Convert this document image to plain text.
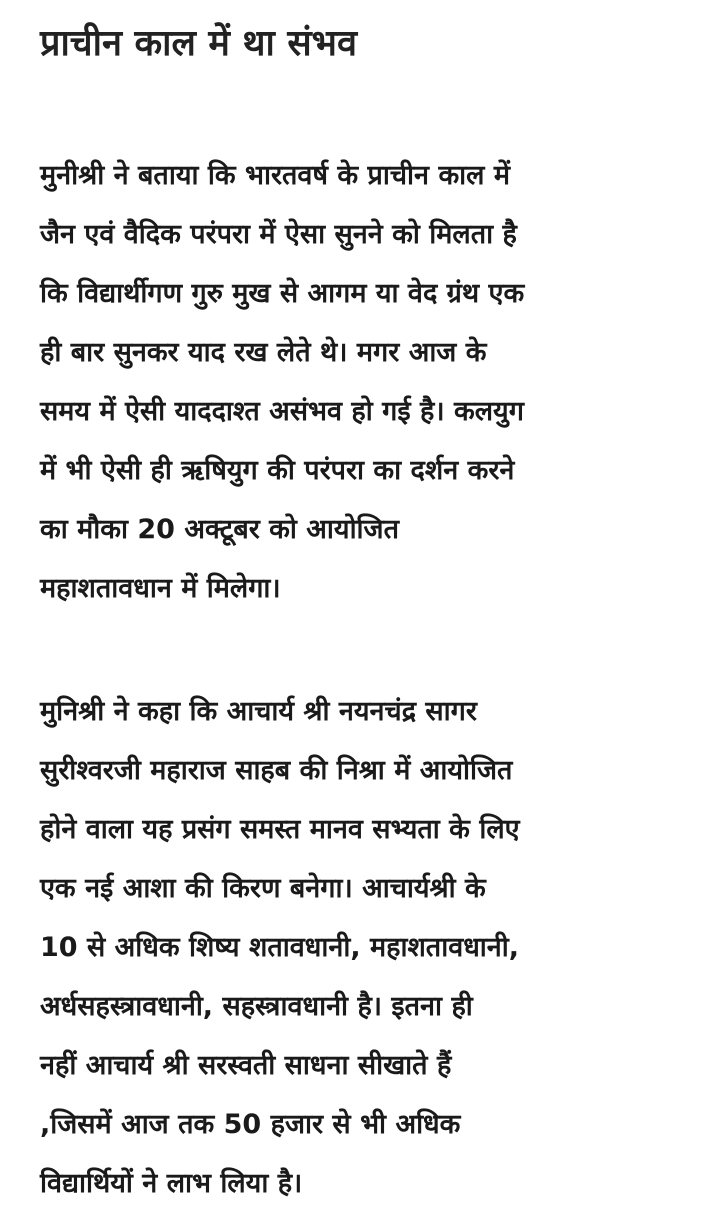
प्राचीन काल में था संभव

मुनीश्री ने बताया कि भारतवर्ष के प्राचीन काल में
जैन एवं वैदिक परंपरा में ऐसा सुनने को मिलता है
कि विद्यार्थीगण गुरु मुख से आगम या वेद ग्रंथ एक
ही बार सुनकर याद रख लेते थे। मगर आज के
समय में ऐसी याददाश्त असंभव हो गई है। कलयुग
में भी ऐसी ही ऋषियुग की परंपरा का दर्शन करने
का मौका 20 अक्टूबर को आयोजित
महाशतावधान में मिलेगा।

मुनिश्री ने कहा कि आचार्य श्री नयनचंद्र सागर
सुरीश्वरजी महाराज साहब की निश्रा में आयोजित
होने वाला यह प्रसंग समस्त मानव सभ्यता के लिए
एक नई आशा की किरण बनेगा। आचार्यश्री के
10 से अधिक शिष्य शतावधानी, महाशतावधानी,
अर्धसहस्त्रावधानी, सहस्त्रावधानी है। इतना ही
नहीं आचार्य श्री सरस्वती साधना सीखाते हैं
,जिसमें आज तक 50 हजार से भी अधिक
विद्यार्थियों ने लाभ लिया है।
